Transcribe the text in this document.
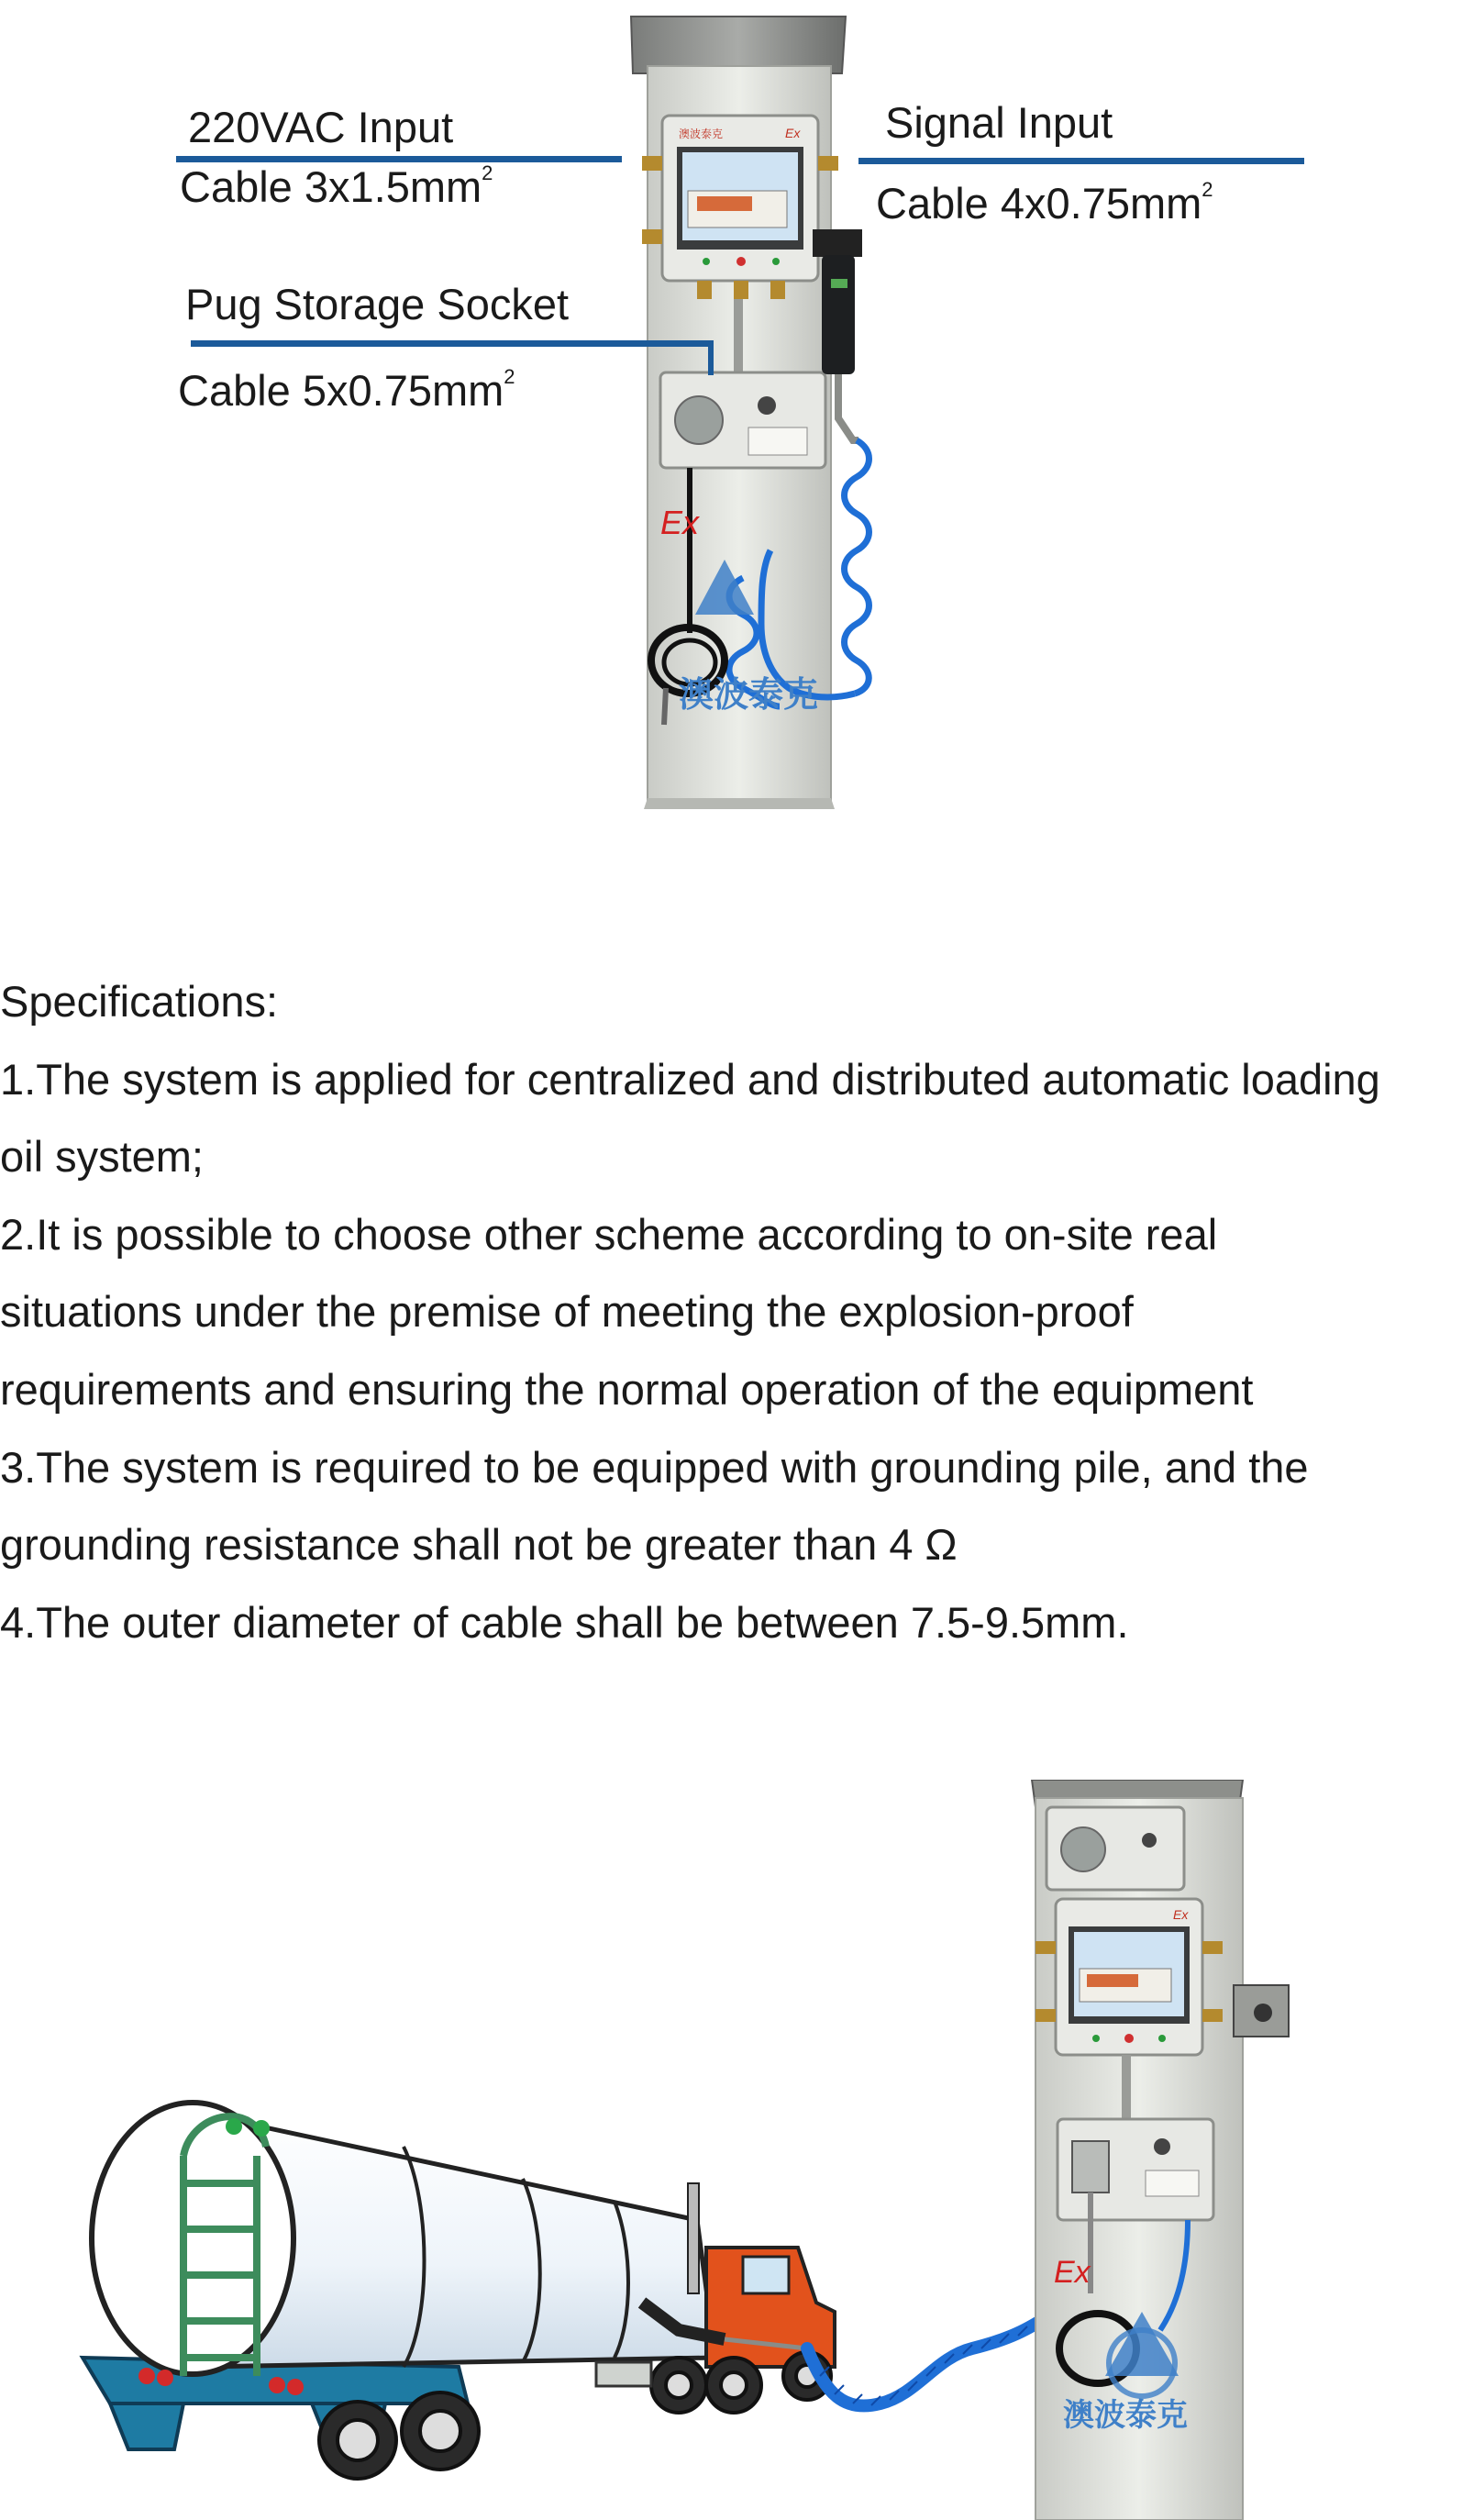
澳波泰克	Ex
Ex
澳波泰克
220VAC Input
Cable $3x1.5mm^2$
Signal Input
Cable $4x0.75mm^2$
Pug Storage Socket
Cable $5x0.75mm^2$

Specifications:

1.The system is applied for centralized and distributed automatic loading

oil system;

2.It is possible to choose other scheme according to on-site real

situations under the premise of meeting the explosion-proof

requirements and ensuring the normal operation of the equipment

3.The system is required to be equipped with grounding pile, and the

grounding resistance shall not be greater than 4 Ω

4.The outer diameter of cable shall be between 7.5-9.5mm.

Ex
Ex
澳波泰克
